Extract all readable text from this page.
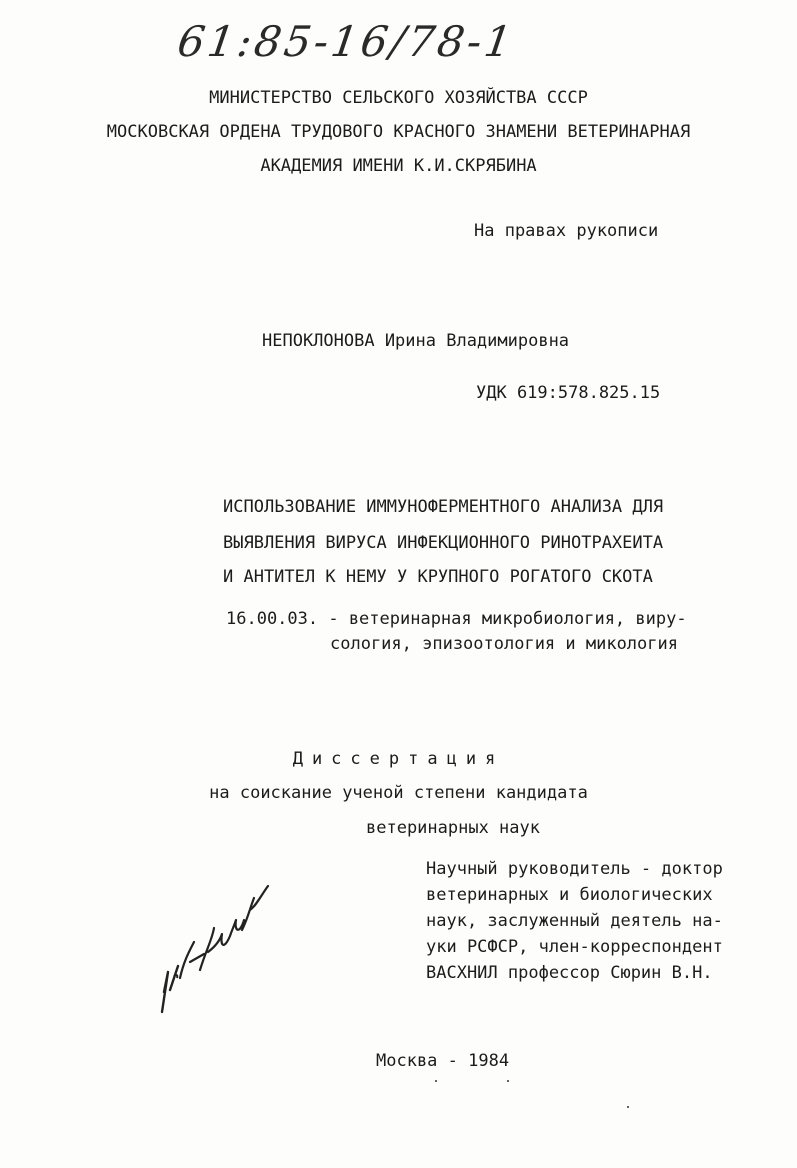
61:85-16/78-1
МИНИСТЕРСТВО СЕЛЬСКОГО ХОЗЯЙСТВА СССР
МОСКОВСКАЯ ОРДЕНА ТРУДОВОГО КРАСНОГО ЗНАМЕНИ ВЕТЕРИНАРНАЯ
АКАДЕМИЯ ИМЕНИ К.И.СКРЯБИНА
На правах рукописи
НЕПОКЛОНОВА Ирина Владимировна
УДК 619:578.825.15
ИСПОЛЬЗОВАНИЕ ИММУНОФЕРМЕНТНОГО АНАЛИЗА ДЛЯ
ВЫЯВЛЕНИЯ ВИРУСА ИНФЕКЦИОННОГО РИНОТРАХЕИТА
И АНТИТЕЛ К НЕМУ У КРУПНОГО РОГАТОГО СКОТА
16.00.03. - ветеринарная микробиология, виру-
сология, эпизоотология и микология
Диссертация
на соискание ученой степени кандидата
ветеринарных наук
Научный руководитель - доктор
ветеринарных и биологических
наук, заслуженный деятель на-
уки РСФСР, член-корреспондент
ВАСХНИЛ профессор Сюрин В.Н.
Москва - 1984
